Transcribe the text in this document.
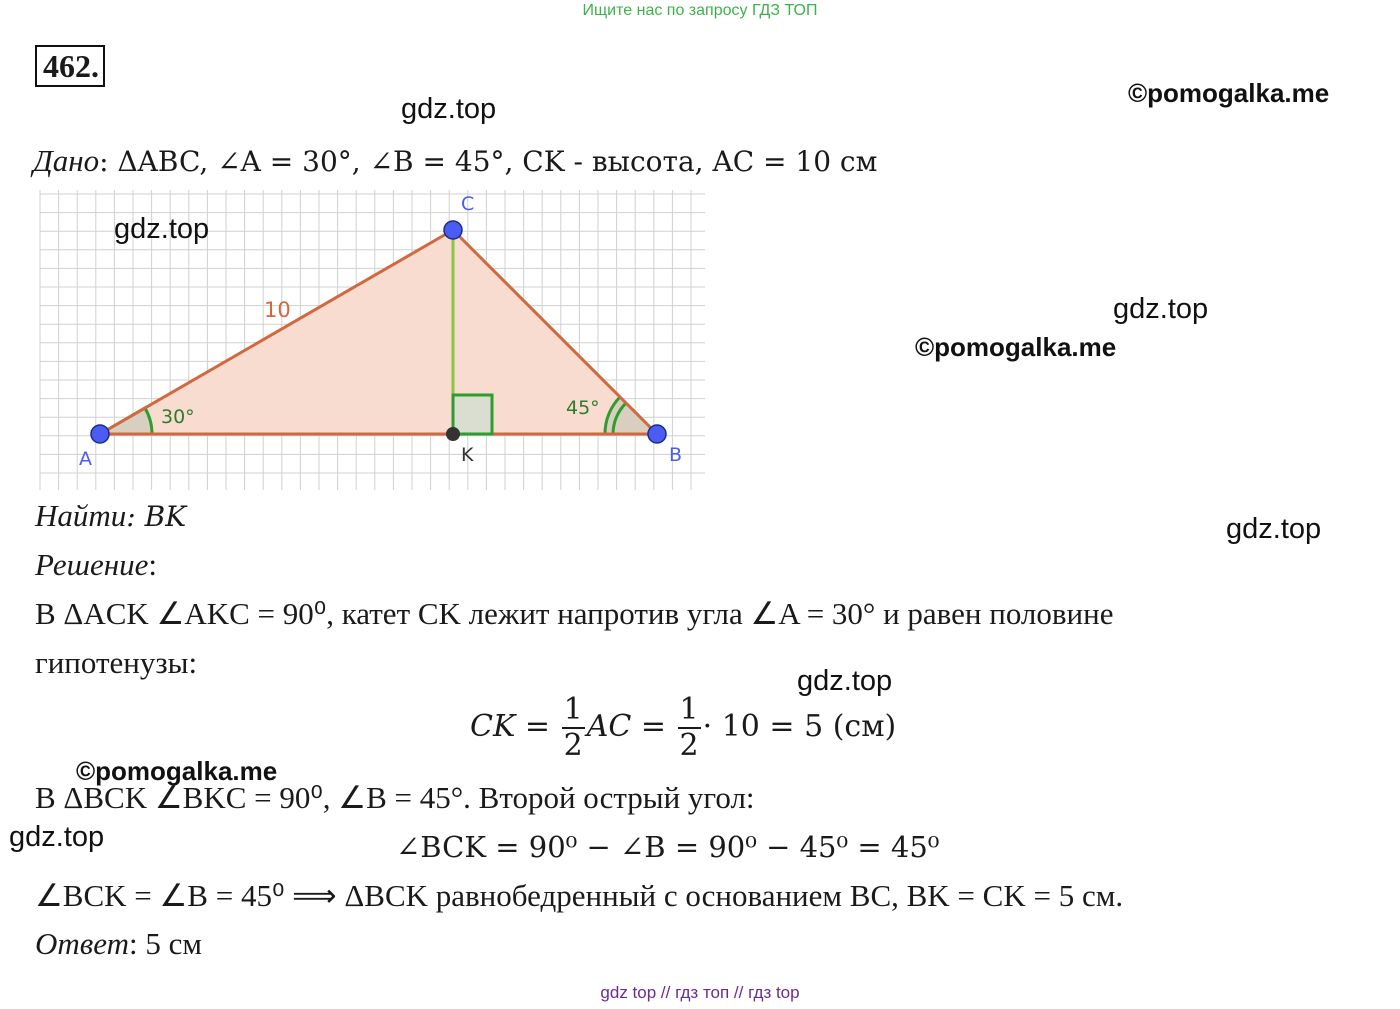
Ищите нас по запросу ГДЗ ТОП
462.
gdz.top	©pomogalka.me
Дано: ΔABC, ∠A = 30°, ∠B = 45°, CK - высота, AC = 10 см
A	B
C
K
10
30°	45°
gdz.top
gdz.top
©pomogalka.me
Найти: BK	gdz.top
Решение:
В ΔACK ∠AKC = 90⁰, катет CK лежит напротив угла ∠A = 30° и равен половине
гипотенузы:
gdz.top
CK = $\frac{1}{2}$ AC = $\frac{1}{2} \cdot 10 = 5$ (см)
©pomogalka.me
В ΔBCK ∠BKC = 90⁰, ∠B = 45°. Второй острый угол:
gdz.top	∠BCK = 90⁰ − ∠B = 90⁰ − 45⁰ = 45⁰
∠BCK = ∠B = 45⁰ ⟹ ΔBCK равнобедренный с основанием BC, BK = CK = 5 см.
Ответ: 5 см
gdz top // гдз топ // гдз top
